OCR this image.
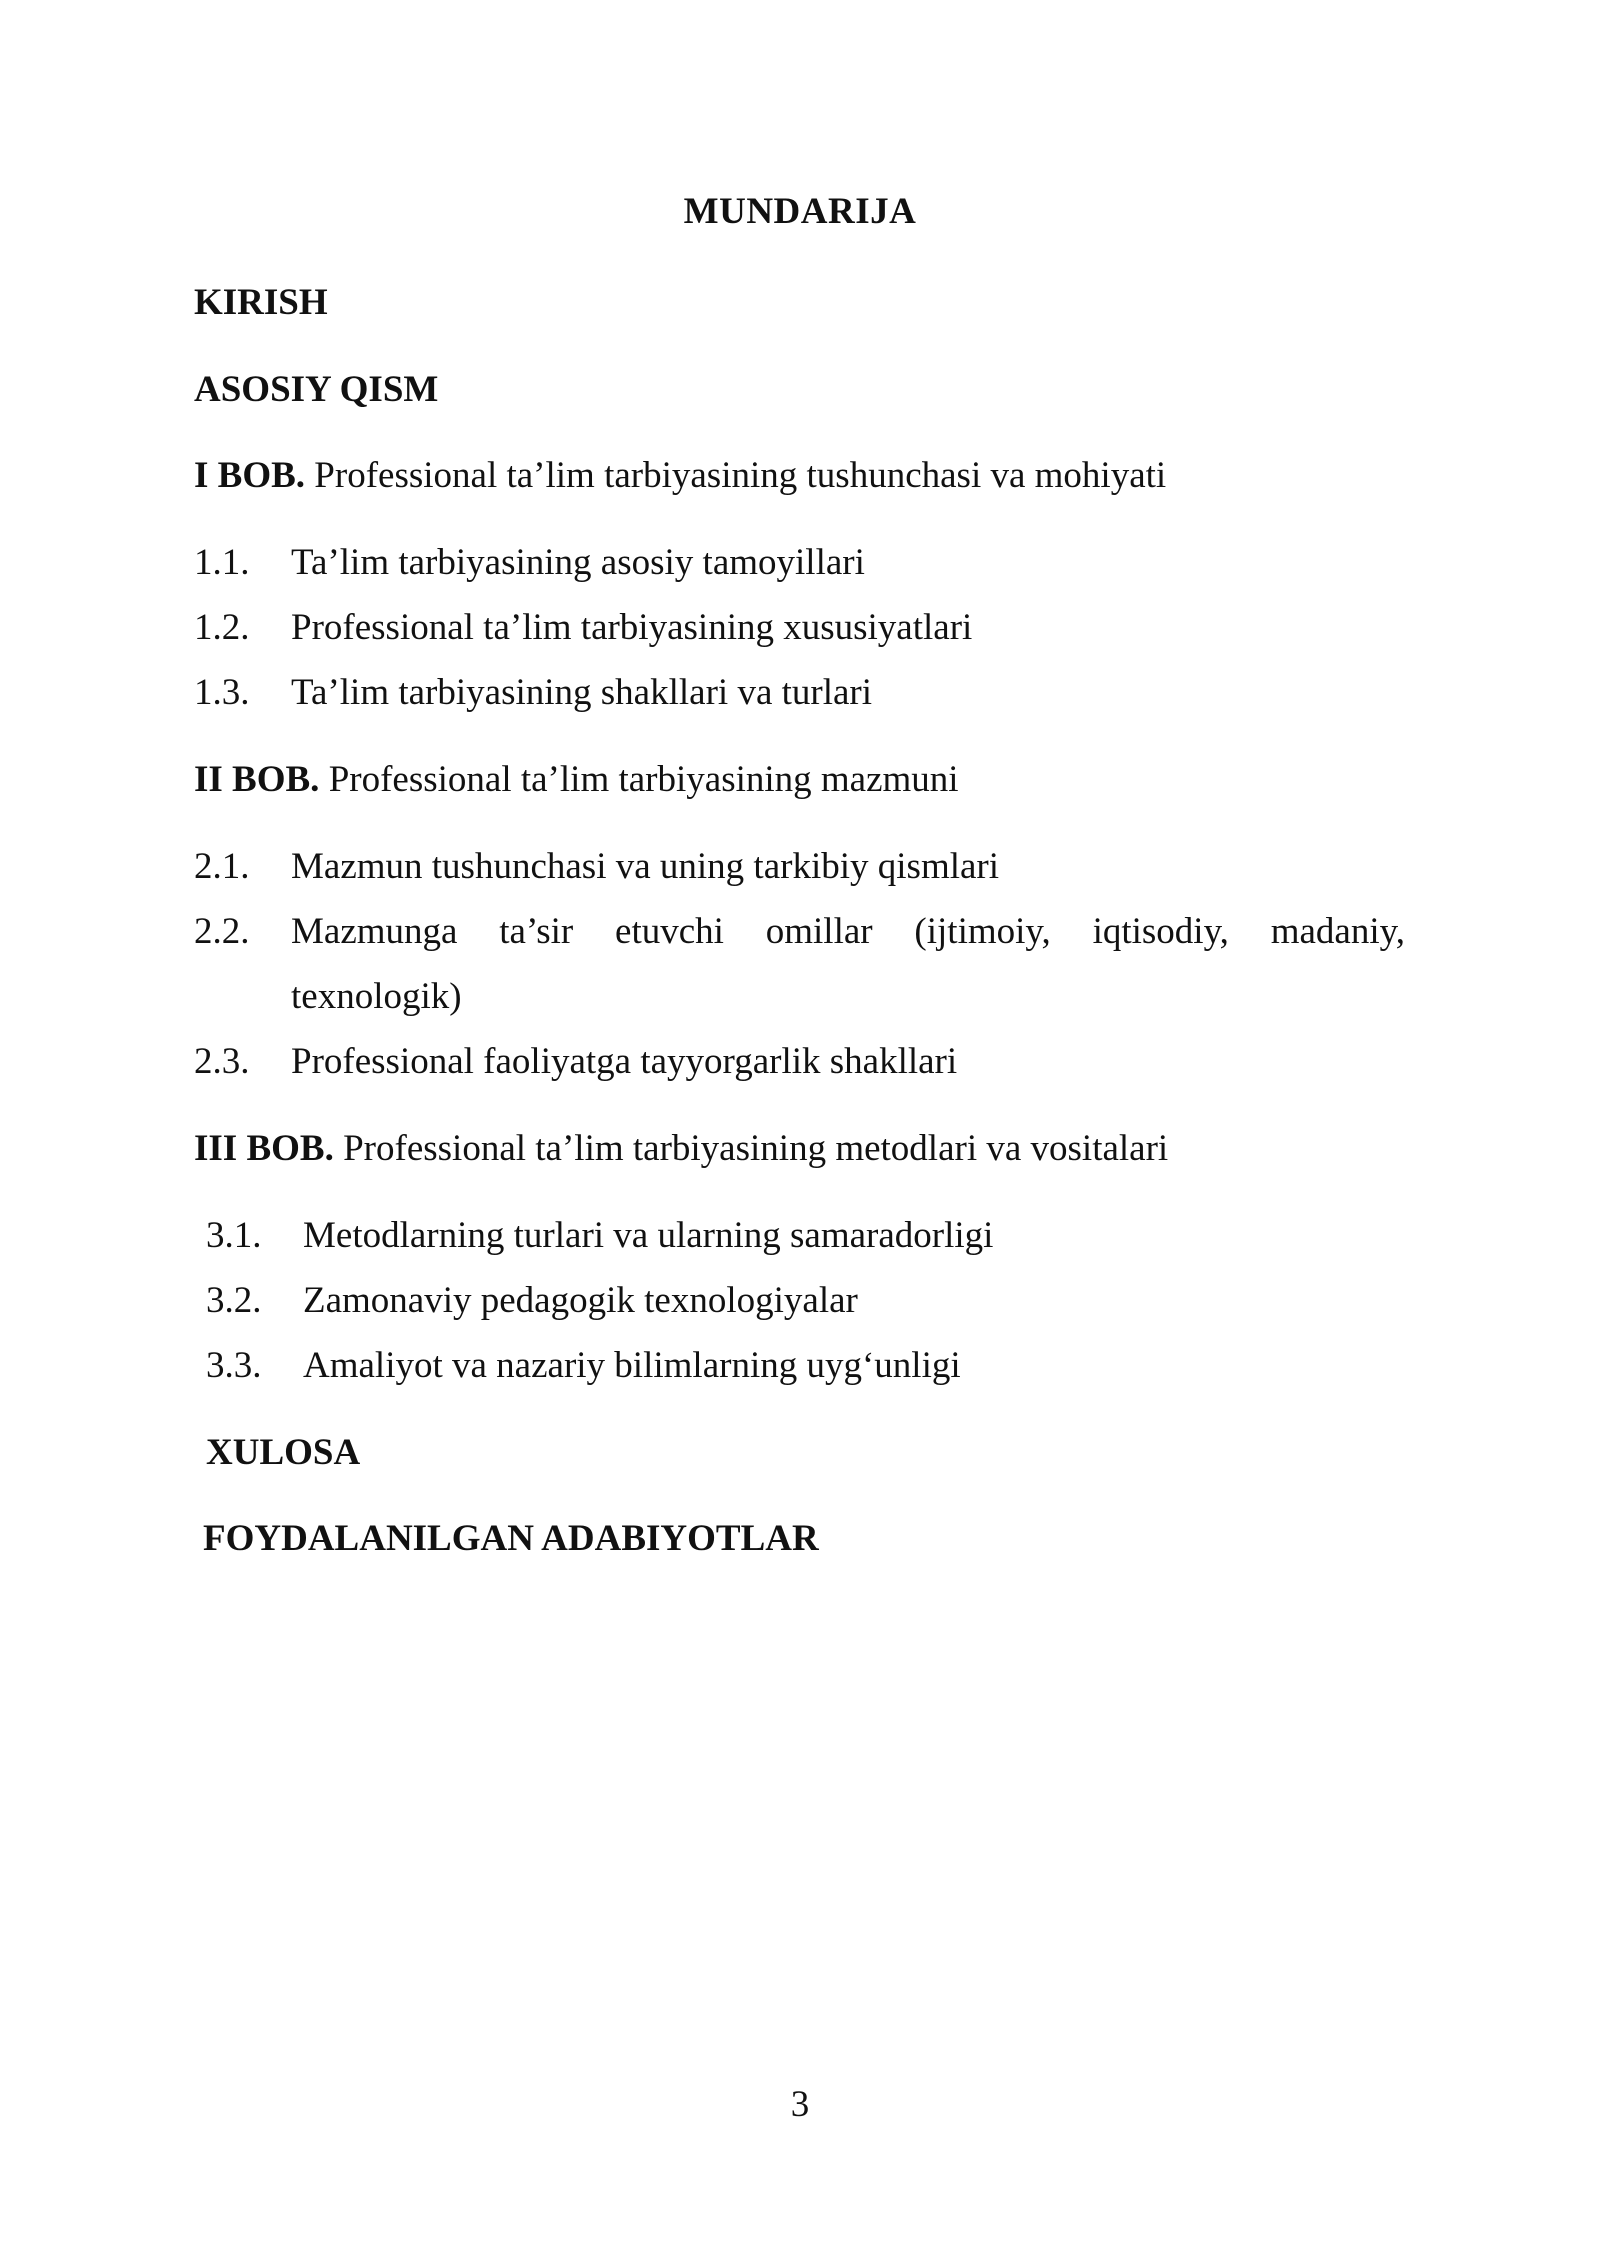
MUNDARIJA
KIRISH
ASOSIY QISM
I BOB. Professional ta’lim tarbiyasining tushunchasi va mohiyati
1.1. Ta’lim tarbiyasining asosiy tamoyillari
1.2. Professional ta’lim tarbiyasining xususiyatlari
1.3. Ta’lim tarbiyasining shakllari va turlari
II BOB. Professional ta’lim tarbiyasining mazmuni
2.1. Mazmun tushunchasi va uning tarkibiy qismlari
2.2. Mazmunga ta’sir etuvchi omillar (ijtimoiy, iqtisodiy, madaniy,
texnologik)
2.3. Professional faoliyatga tayyorgarlik shakllari
III BOB. Professional ta’lim tarbiyasining metodlari va vositalari
3.1. Metodlarning turlari va ularning samaradorligi
3.2. Zamonaviy pedagogik texnologiyalar
3.3. Amaliyot va nazariy bilimlarning uyg‘unligi
XULOSA
FOYDALANILGAN ADABIYOTLAR
3
